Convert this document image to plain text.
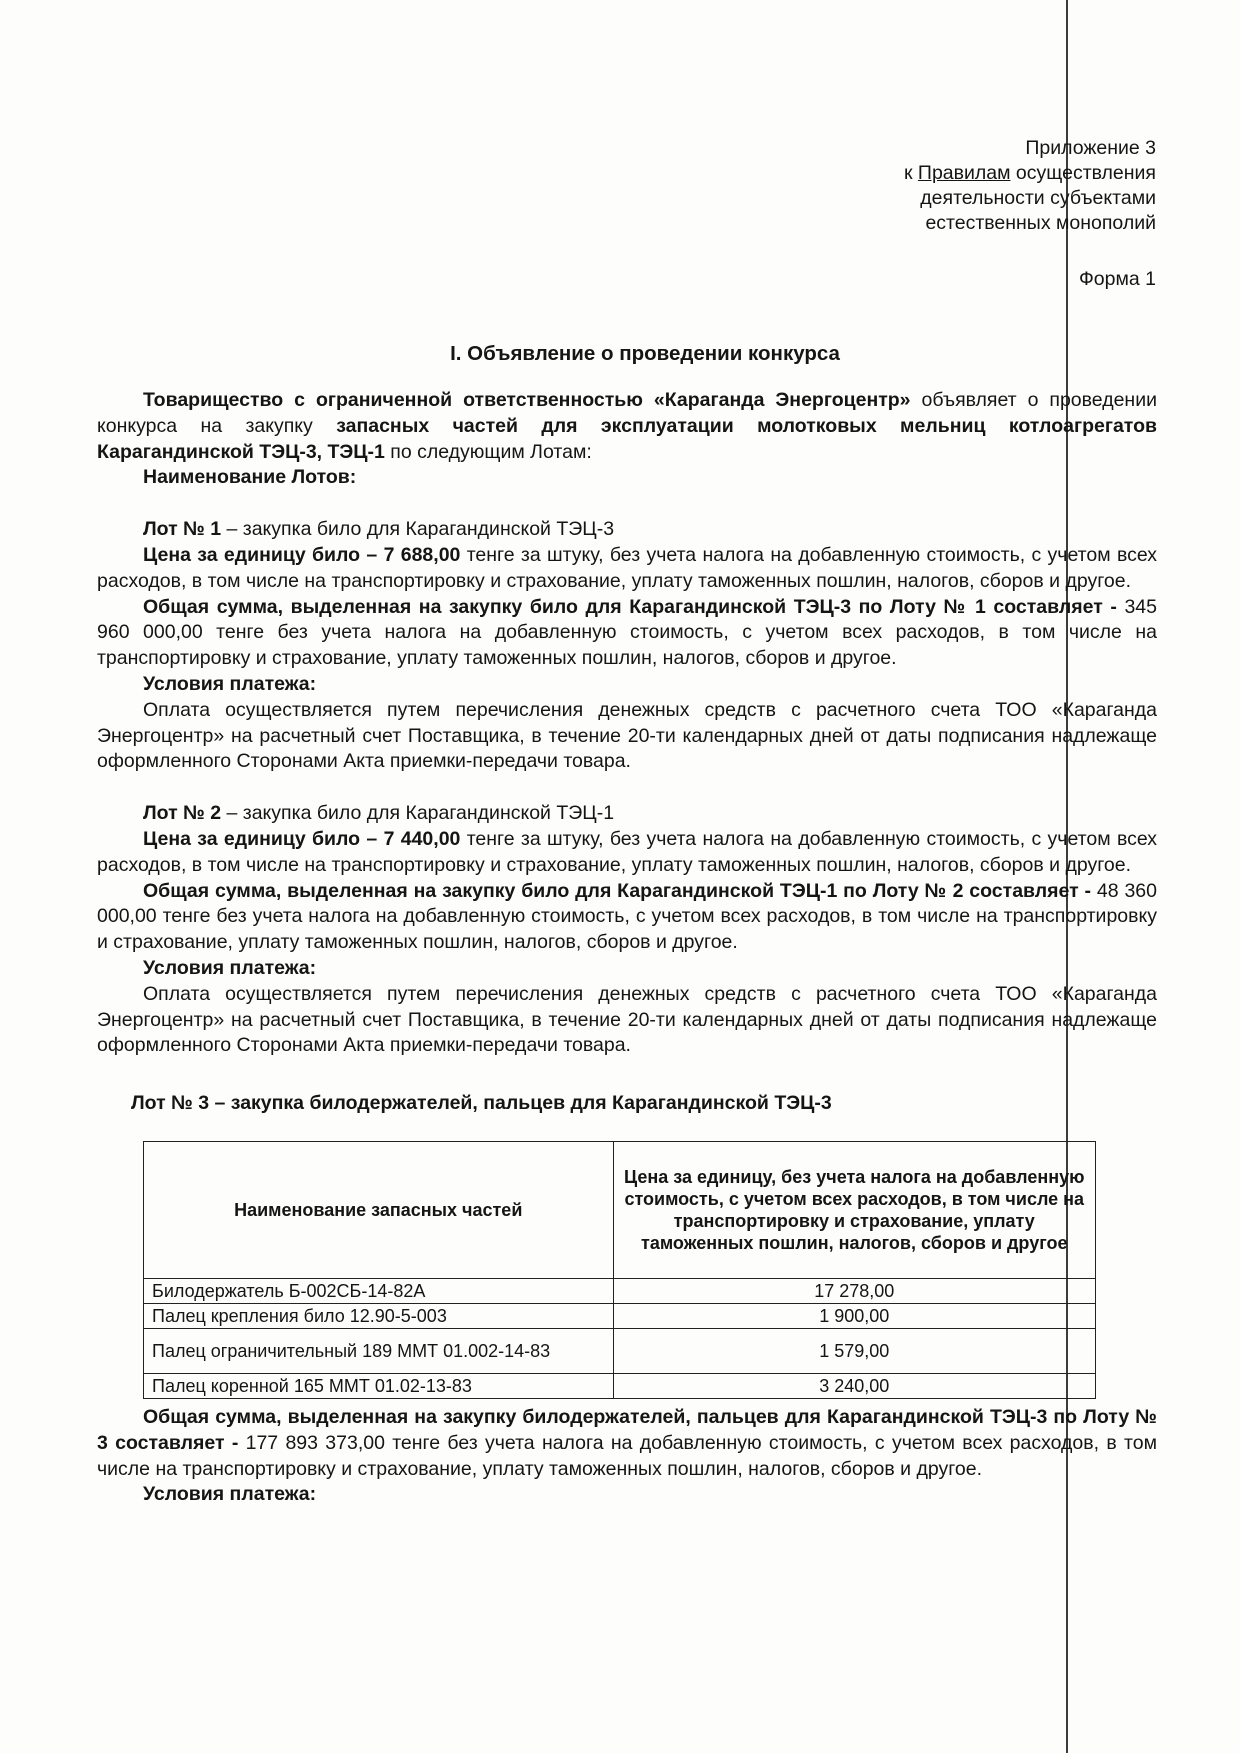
Приложение 3
к Правилам осуществления
деятельности субъектами
естественных монополий
Форма 1
I. Объявление о проведении конкурса

Товарищество с ограниченной ответственностью «Караганда Энергоцентр» объявляет о проведении конкурса на закупку запасных частей для эксплуатации молотковых мельниц котлоагрегатов Карагандинской ТЭЦ-3, ТЭЦ-1 по следующим Лотам:

Наименование Лотов:

Лот № 1 – закупка било для Карагандинской ТЭЦ-3

Цена за единицу било – 7 688,00 тенге за штуку, без учета налога на добавленную стоимость, с учетом всех расходов, в том числе на транспортировку и страхование, уплату таможенных пошлин, налогов, сборов и другое.

Общая сумма, выделенная на закупку било для Карагандинской ТЭЦ-3 по Лоту № 1 составляет - 345 960 000,00 тенге без учета налога на добавленную стоимость, с учетом всех расходов, в том числе на транспортировку и страхование, уплату таможенных пошлин, налогов, сборов и другое.

Условия платежа:

Оплата осуществляется путем перечисления денежных средств с расчетного счета ТОО «Караганда Энергоцентр» на расчетный счет Поставщика, в течение 20-ти календарных дней от даты подписания надлежаще оформленного Сторонами Акта приемки-передачи товара.

Лот № 2 – закупка било для Карагандинской ТЭЦ-1

Цена за единицу било – 7 440,00 тенге за штуку, без учета налога на добавленную стоимость, с учетом всех расходов, в том числе на транспортировку и страхование, уплату таможенных пошлин, налогов, сборов и другое.

Общая сумма, выделенная на закупку било для Карагандинской ТЭЦ-1 по Лоту № 2 составляет - 48 360 000,00 тенге без учета налога на добавленную стоимость, с учетом всех расходов, в том числе на транспортировку и страхование, уплату таможенных пошлин, налогов, сборов и другое.

Условия платежа:

Оплата осуществляется путем перечисления денежных средств с расчетного счета ТОО «Караганда Энергоцентр» на расчетный счет Поставщика, в течение 20-ти календарных дней от даты подписания надлежаще оформленного Сторонами Акта приемки-передачи товара.

Лот № 3 – закупка билодержателей, пальцев для Карагандинской ТЭЦ-3

Наименование запасных частей	Цена за единицу, без учета налога на добавленную стоимость, с учетом всех расходов, в том числе на транспортировку и страхование, уплату таможенных пошлин, налогов, сборов и другое
Билодержатель Б-002СБ-14-82А	17 278,00
Палец крепления било 12.90-5-003	1 900,00
Палец ограничительный 189 ММТ 01.002-14-83	1 579,00
Палец коренной 165 ММТ 01.02-13-83	3 240,00

Общая сумма, выделенная на закупку билодержателей, пальцев для Карагандинской ТЭЦ-3 по Лоту № 3 составляет - 177 893 373,00 тенге без учета налога на добавленную стоимость, с учетом всех расходов, в том числе на транспортировку и страхование, уплату таможенных пошлин, налогов, сборов и другое.

Условия платежа:
